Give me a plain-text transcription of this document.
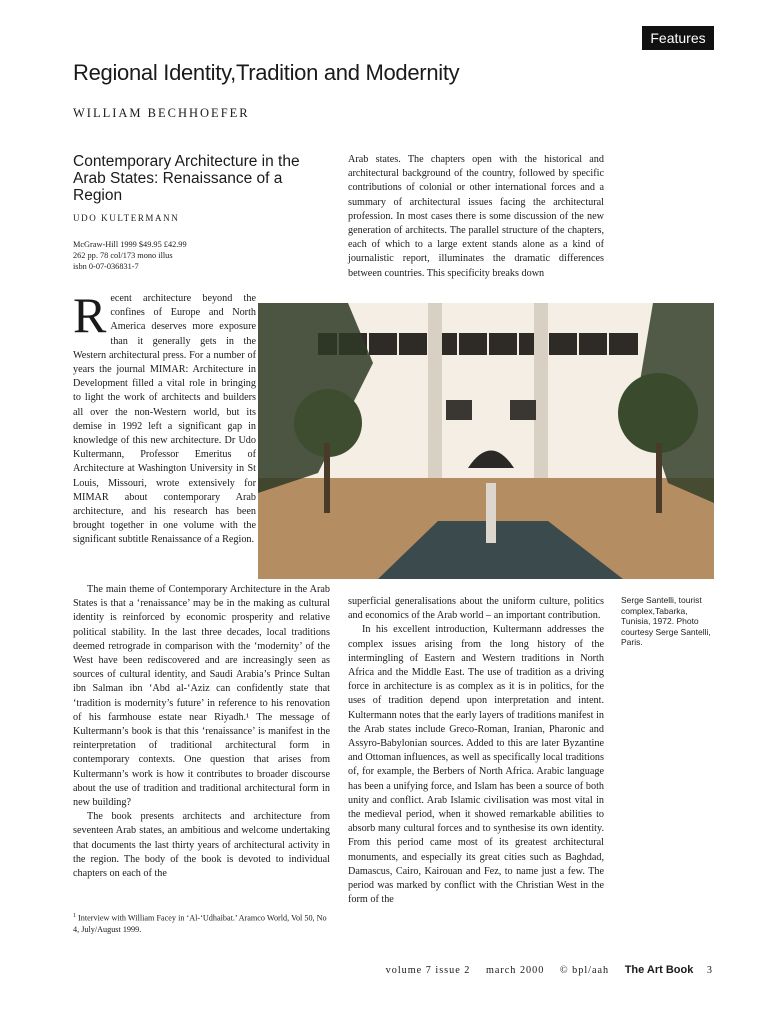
Features
Regional Identity,Tradition and Modernity
WILLIAM BECHHOEFER
Contemporary Architecture in the Arab States: Renaissance of a Region
UDO KULTERMANN
McGraw-Hill 1999 $49.95 £42.99
262 pp. 78 col/173 mono illus
isbn 0-07-036831-7
R ecent architecture beyond the confines of Europe and North America deserves more exposure than it generally gets in the Western architectural press. For a number of years the journal MIMAR: Architecture in Development filled a vital role in bringing to light the work of architects and builders all over the non-Western world, but its demise in 1992 left a significant gap in knowledge of this new architecture. Dr Udo Kultermann, Professor Emeritus of Architecture at Washington University in St Louis, Missouri, wrote extensively for MIMAR about contemporary Arab architecture, and his research has been brought together in one volume with the significant subtitle Renaissance of a Region.

The main theme of Contemporary Architecture in the Arab States is that a ‘renaissance’ may be in the making as cultural identity is reinforced by economic prosperity and relative political stability. In the last three decades, local traditions deemed retrograde in comparison with the ‘modernity’ of the West have been rediscovered and are increasingly seen as sources of cultural identity, and Saudi Arabia’s Prince Sultan ibn Salman ibn ‘Abd al-‘Aziz can confidently state that ‘tradition is modernity’s future’ in reference to his renovation of his farmhouse estate near Riyadh.¹ The message of Kultermann’s book is that this ‘renaissance’ is manifest in the reinterpretation of traditional architectural form in contemporary contexts. One question that arises from Kultermann’s work is how it contributes to broader discourse about the use of tradition and traditional architectural form in new building?

The book presents architects and architecture from seventeen Arab states, an ambitious and welcome undertaking that documents the last thirty years of architectural activity in the region. The body of the book is devoted to individual chapters on each of the

Arab states. The chapters open with the historical and architectural background of the country, followed by specific contributions of colonial or other international forces and a summary of architectural issues facing the architectural profession. In most cases there is some discussion of the new generation of architects. The parallel structure of the chapters, each of which to a large extent stands alone as a kind of journalistic report, illuminates the dramatic differences between countries. This specificity breaks down

Serge Santelli, tourist complex,Tabarka, Tunisia, 1972. Photo courtesy Serge Santelli, Paris.

superficial generalisations about the uniform culture, politics and economics of the Arab world – an important contribution.

In his excellent introduction, Kultermann addresses the complex issues arising from the long history of the intermingling of Eastern and Western traditions in North Africa and the Middle East. The use of tradition as a driving force in architecture is as complex as it is in politics, for the uses of tradition depend upon interpretation and intent. Kultermann notes that the early layers of traditions manifest in the Arab states include Greco-Roman, Iranian, Pharonic and Assyro-Babylonian sources. Added to this are later Byzantine and Ottoman influences, as well as specifically local traditions of, for example, the Berbers of North Africa. Arabic language has been a unifying force, and Islam has been a source of both unity and conflict. Arab Islamic civilisation was most vital in the medieval period, when it showed remarkable abilities to absorb many cultural forces and to synthesise its own identity. From this period came most of its greatest architectural monuments, and especially its great cities such as Baghdad, Damascus, Cairo, Kairouan and Fez, to name just a few. The period was marked by conflict with the Christian West in the form of the

$^1$ Interview with William Facey in ‘Al-‘Udhaibat.’ Aramco World, Vol 50, No 4, July/August 1999.
volume 7 issue 2 march 2000 © bpl/aah The Art Book 3
